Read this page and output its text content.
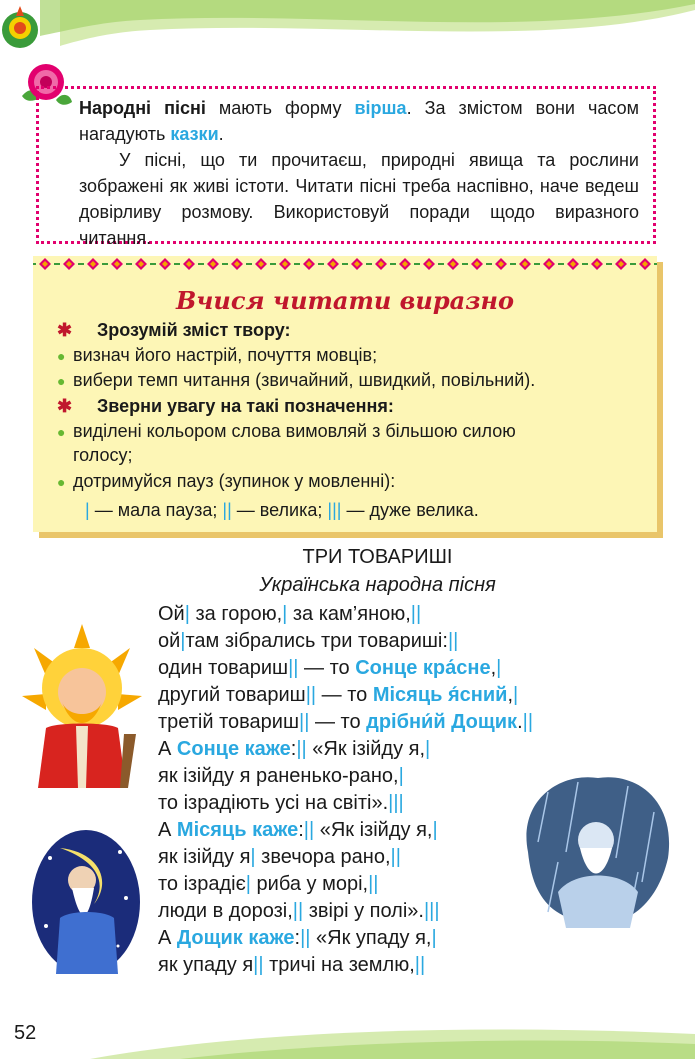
Народні пісні мають форму вірша. За змістом вони часом нагадують казки.

У пісні, що ти прочитаєш, природні явища та рослини зображені як живі істоти. Читати пісні треба наспівно, наче ведеш довірливу розмову. Використовуй поради щодо виразного читання.

Вчися читати виразно
✱ Зрозумій зміст твору:
● визнач його настрій, почуття мовців;
● вибери темп читання (звичайний, швидкий, повільний).
✱ Зверни увагу на такі позначення:
● виділені кольором слова вимовляй з більшою силою
голосу;
● дотримуйся пауз (зупинок у мовленні):
| — мала пауза; || — велика; ||| — дуже велика.
ТРИ ТОВАРИШІ
Українська народна пісня
Ой| за горою,| за кам’яною,||
ой|там зібрались три товариші:||
один товариш|| — то Сонце кра́сне,|
другий товариш|| — то Місяць я́сний,|
третій товариш|| — то дрібни́й Дощик.||
А Сонце каже:|| «Як ізійду я,|
як ізійду я раненько-рано,|
то ізрадіють усі на світі».|||
А Місяць каже:|| «Як ізійду я,|
як ізійду я| звечора рано,||
то ізрадіє| риба у морі,||
люди в дорозі,|| звірі у полі».|||
А Дощик каже:|| «Як упаду я,|
як упаду я|| тричі на землю,||
52
